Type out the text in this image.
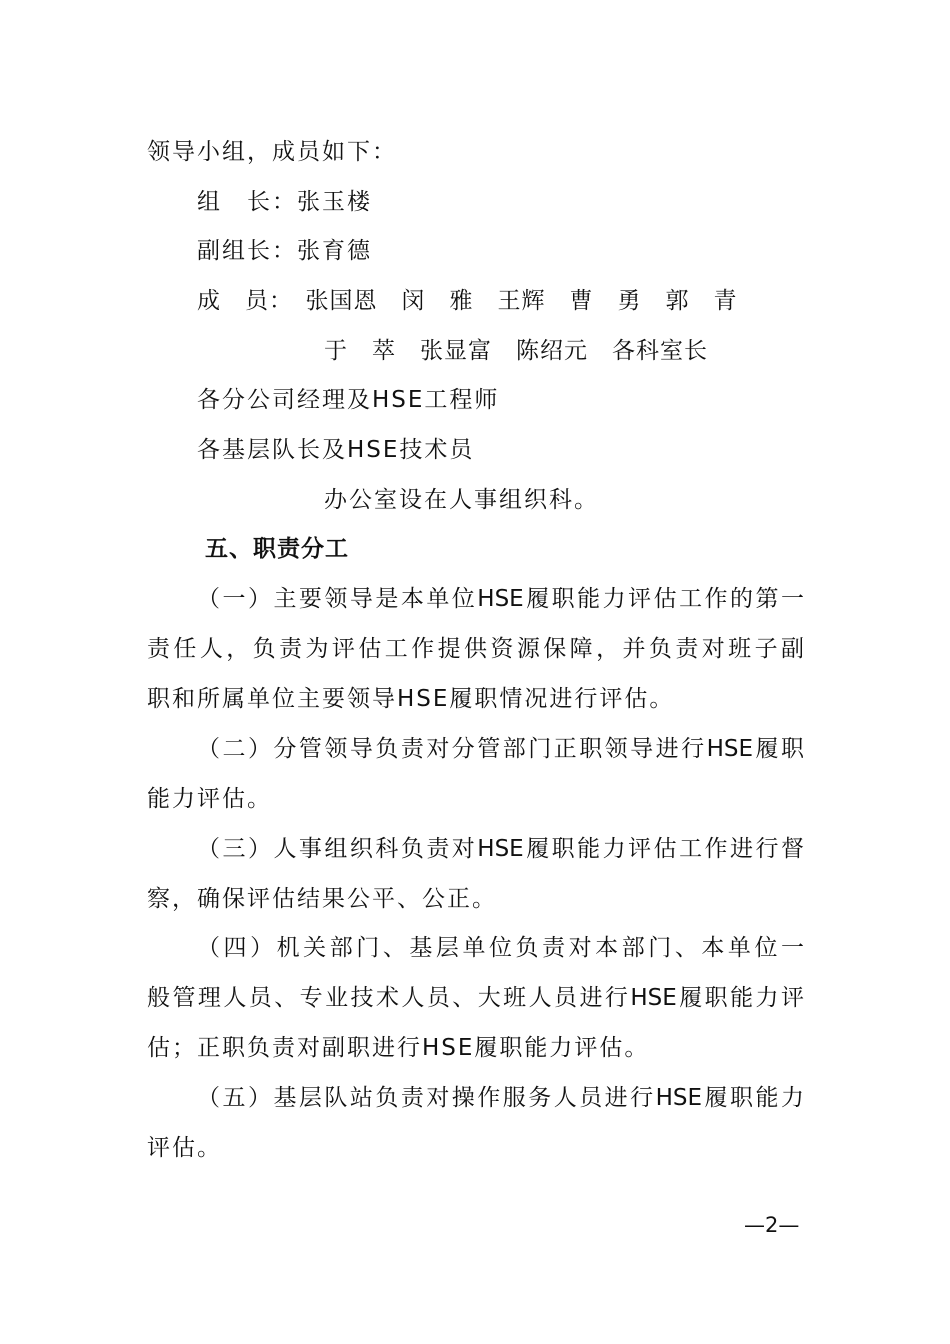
领导小组，成员如下：
组　长：张玉楼
副组长：张育德
成　员：　张国恩　闵　雅　王辉　曹　勇　郭　青
于　萃　张显富　陈绍元　各科室长
各分公司经理及HSE工程师
各基层队长及HSE技术员
办公室设在人事组织科。
五、职责分工
（一）主要领导是本单位HSE履职能力评估工作的第一
责任人，负责为评估工作提供资源保障，并负责对班子副
职和所属单位主要领导HSE履职情况进行评估。
（二）分管领导负责对分管部门正职领导进行HSE履职
能力评估。
（三）人事组织科负责对HSE履职能力评估工作进行督
察，确保评估结果公平、公正。
（四）机关部门、基层单位负责对本部门、本单位一
般管理人员、专业技术人员、大班人员进行HSE履职能力评
估；正职负责对副职进行HSE履职能力评估。
（五）基层队站负责对操作服务人员进行HSE履职能力
评估。
—2—
